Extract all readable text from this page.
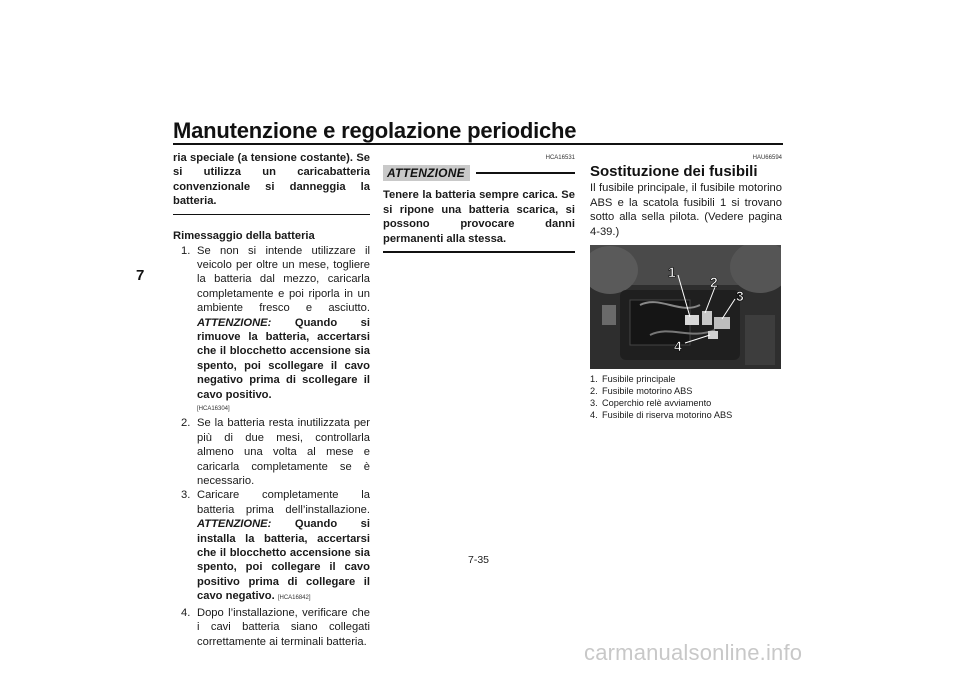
Manutenzione e regolazione periodiche
7
ria speciale (a tensione costante). Se si utilizza un caricabatteria convenzionale si danneggia la batteria.
Rimessaggio della batteria
1. Se non si intende utilizzare il veicolo per oltre un mese, togliere la batteria dal mezzo, caricarla completamente e poi riporla in un ambiente fresco e asciutto. ATTENZIONE: Quando si rimuove la batteria, accertarsi che il blocchetto accensione sia spento, poi scollegare il cavo negativo prima di scollegare il cavo positivo.
[HCA16304]
2. Se la batteria resta inutilizzata per più di due mesi, controllarla almeno una volta al mese e caricarla completamente se è necessario.
3. Caricare completamente la batteria prima dell’installazione. ATTENZIONE: Quando si installa la batteria, accertarsi che il blocchetto accensione sia spento, poi collegare il cavo positivo prima di collegare il cavo negativo. [HCA16842]
4. Dopo l’installazione, verificare che i cavi batteria siano collegati correttamente ai terminali batteria.
HCA16531
ATTENZIONE
Tenere la batteria sempre carica. Se si ripone una batteria scarica, si possono provocare danni permanenti alla stessa.
HAU66594
Sostituzione dei fusibili
Il fusibile principale, il fusibile motorino ABS e la scatola fusibili 1 si trovano sotto alla sella pilota. (Vedere pagina 4-39.)
1
2
3
4
1. Fusibile principale
2. Fusibile motorino ABS
3. Coperchio relè avviamento
4. Fusibile di riserva motorino ABS
7-35
carmanualsonline.info
